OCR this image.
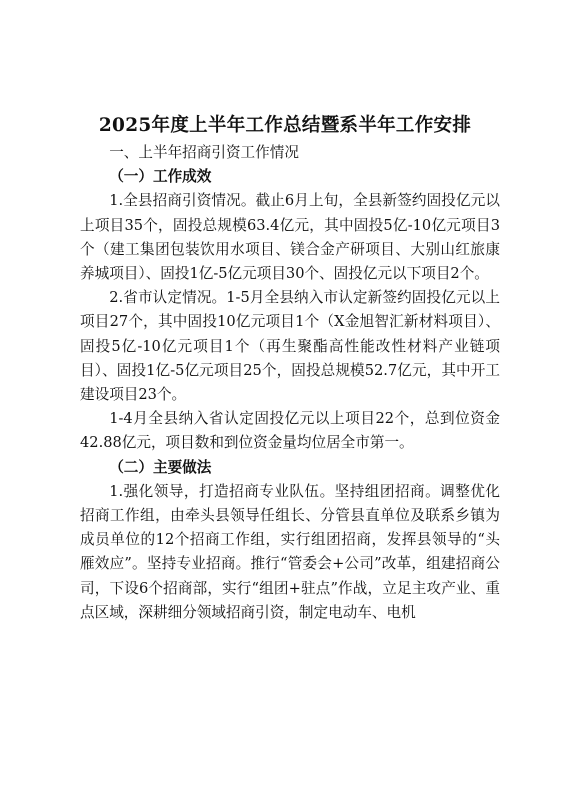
2025年度上半年工作总结暨系半年工作安排

一、上半年招商引资工作情况

（一）工作成效

1.全县招商引资情况。截止6月上旬，全县新签约固投亿元以上项目35个，固投总规模63.4亿元，其中固投5亿-10亿元项目3个（建工集团包装饮用水项目、镁合金产研项目、大别山红旅康养城项目）、固投1亿-5亿元项目30个、固投亿元以下项目2个。

2.省市认定情况。1-5月全县纳入市认定新签约固投亿元以上项目27个，其中固投10亿元项目1个（X金旭智汇新材料项目）、固投5亿-10亿元项目1个（再生聚酯高性能改性材料产业链项目）、固投1亿-5亿元项目25个，固投总规模52.7亿元，其中开工建设项目23个。

1-4月全县纳入省认定固投亿元以上项目22个，总到位资金42.88亿元，项目数和到位资金量均位居全市第一。

（二）主要做法

1.强化领导，打造招商专业队伍。坚持组团招商。调整优化招商工作组，由牵头县领导任组长、分管县直单位及联系乡镇为成员单位的12个招商工作组，实行组团招商，发挥县领导的“头雁效应”。坚持专业招商。推行“管委会+公司”改革，组建招商公司，下设6个招商部，实行“组团+驻点”作战，立足主攻产业、重点区域，深耕细分领域招商引资，制定电动车、电机
